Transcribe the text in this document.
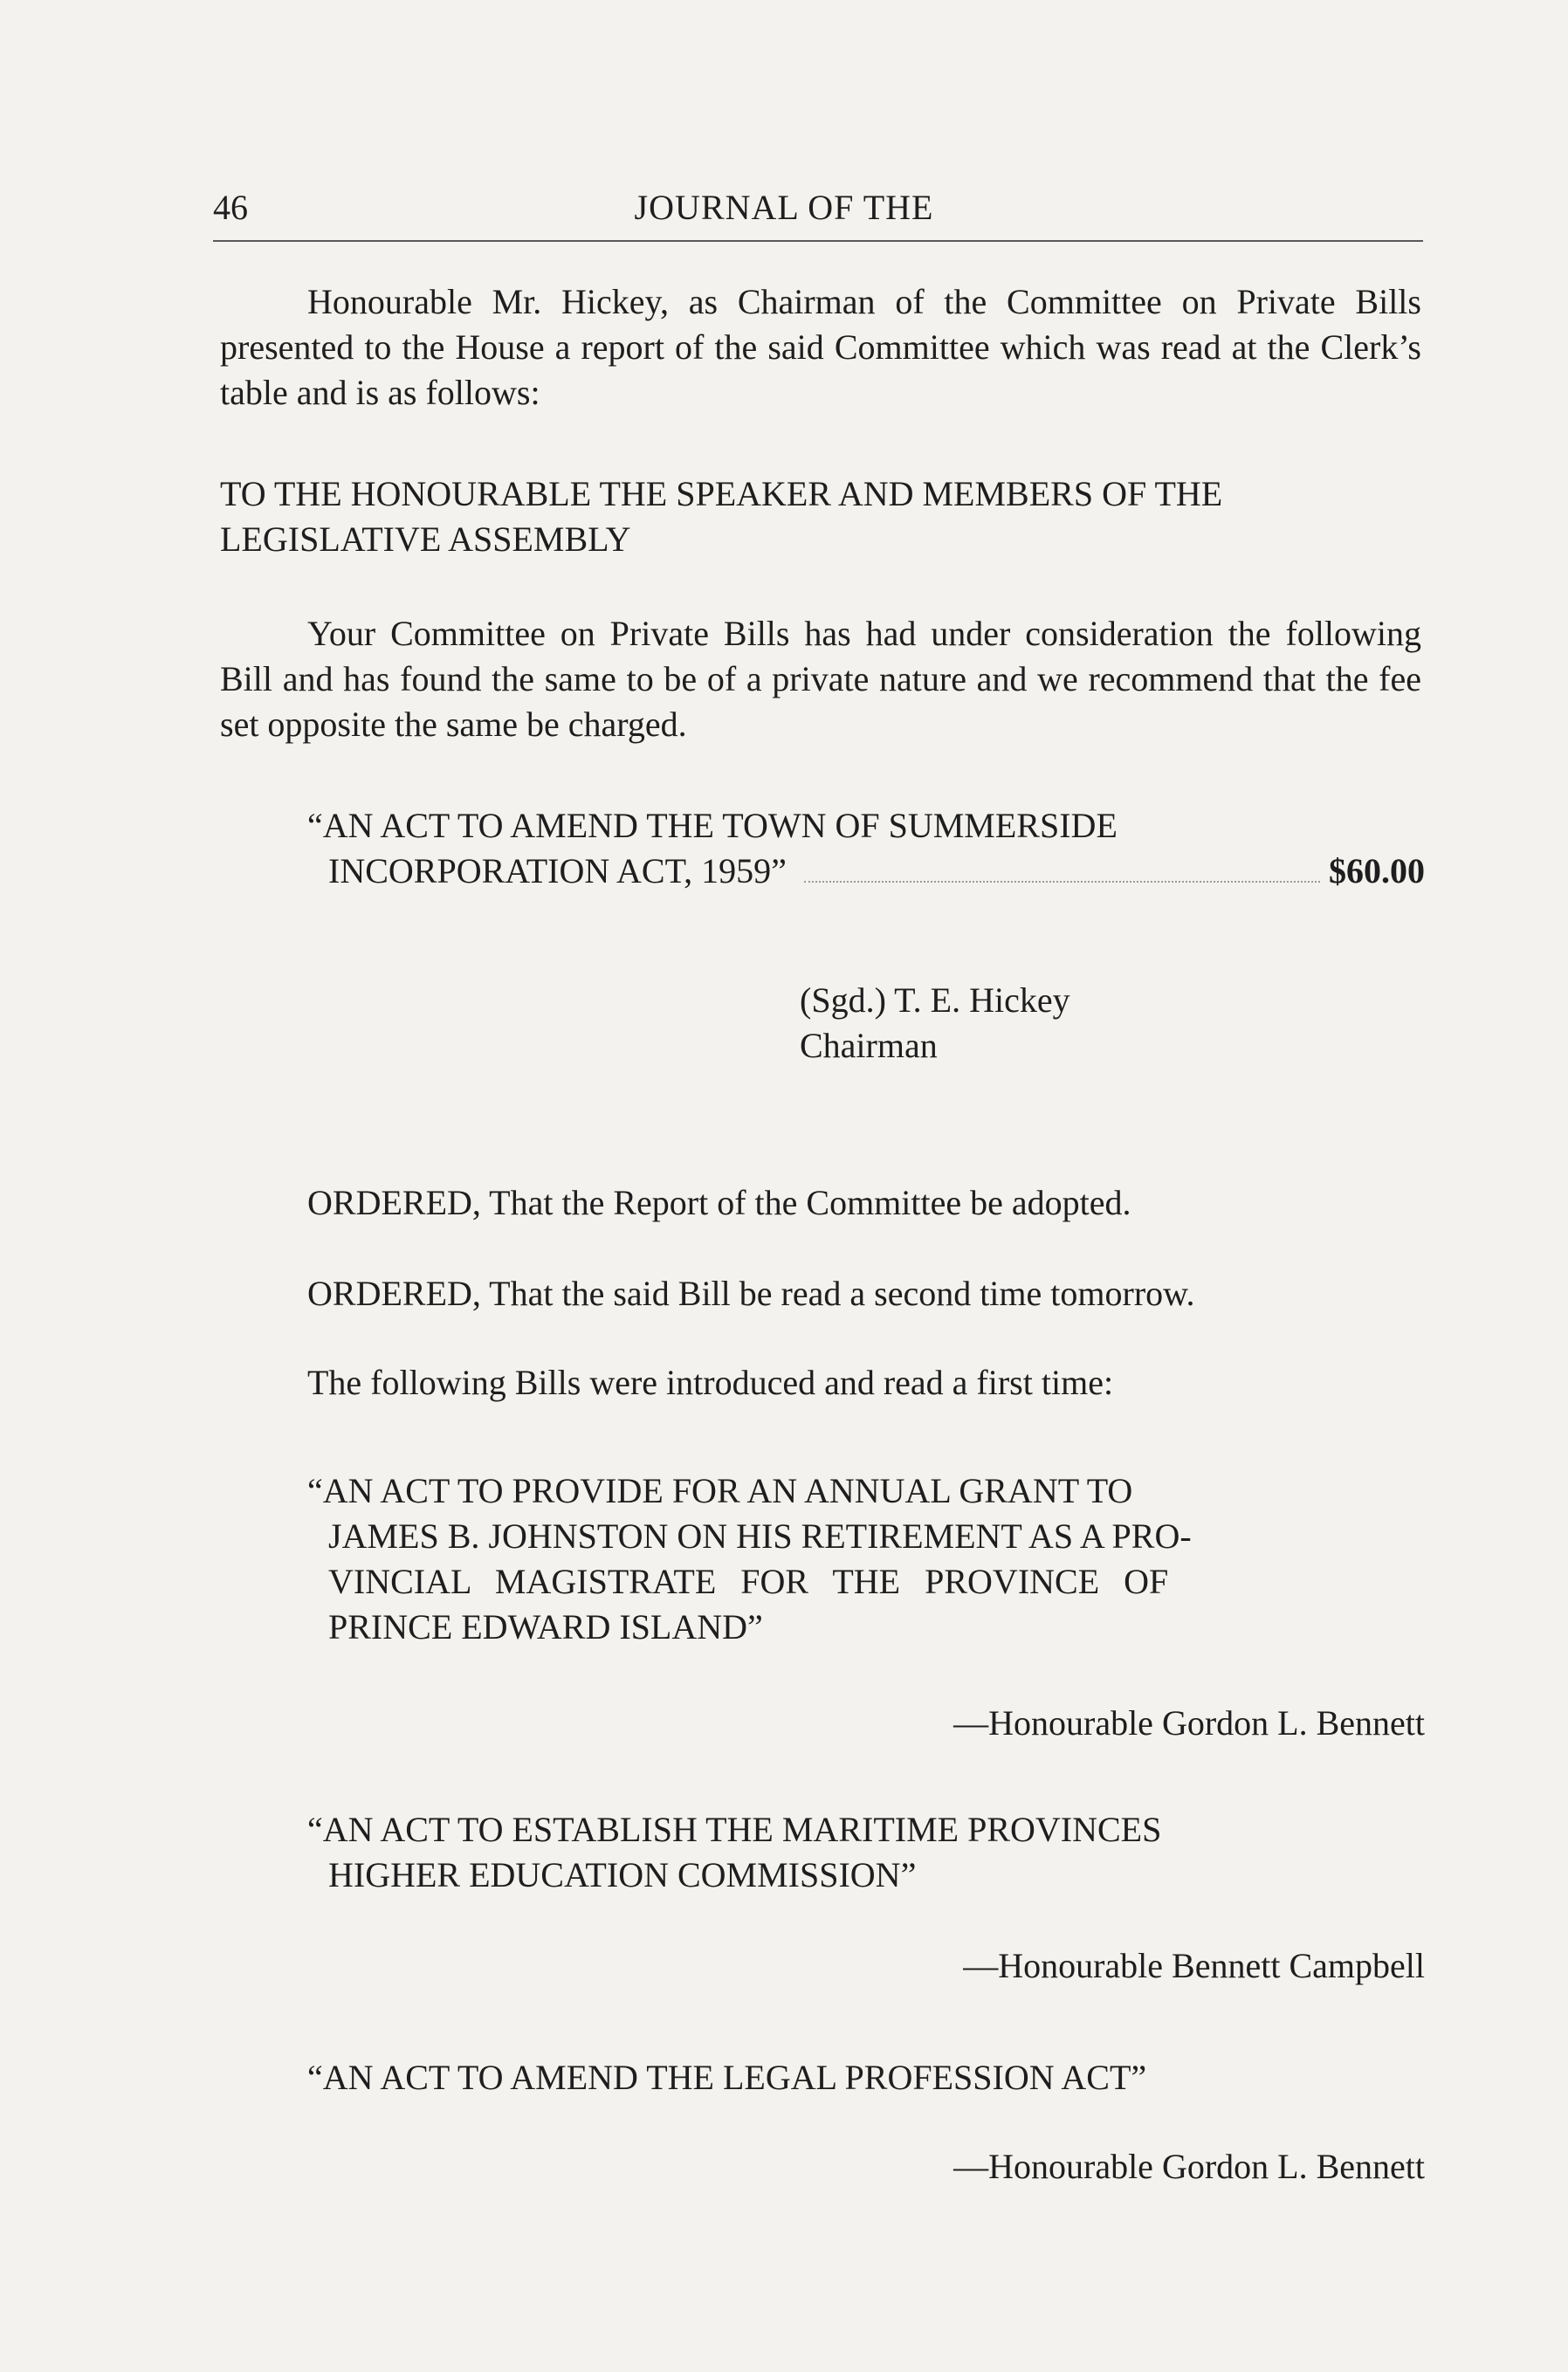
46	JOURNAL OF THE

Honourable Mr. Hickey, as Chairman of the Committee on Private Bills presented to the House a report of the said Committee which was read at the Clerk’s table and is as follows:

TO THE HONOURABLE THE SPEAKER AND MEMBERS OF THE LEGISLATIVE ASSEMBLY

Your Committee on Private Bills has had under consideration the following Bill and has found the same to be of a private nature and we recommend that the fee set opposite the same be charged.

“AN ACT TO AMEND THE TOWN OF SUMMERSIDE
INCORPORATION ACT, 1959”	$60.00
(Sgd.) T. E. Hickey
Chairman

ORDERED, That the Report of the Committee be adopted.

ORDERED, That the said Bill be read a second time tomorrow.

The following Bills were introduced and read a first time:

“AN ACT TO PROVIDE FOR AN ANNUAL GRANT TO
JAMES B. JOHNSTON ON HIS RETIREMENT AS A PRO-
VINCIAL MAGISTRATE FOR THE PROVINCE OF
PRINCE EDWARD ISLAND”

—Honourable Gordon L. Bennett

“AN ACT TO ESTABLISH THE MARITIME PROVINCES
HIGHER EDUCATION COMMISSION”

—Honourable Bennett Campbell

“AN ACT TO AMEND THE LEGAL PROFESSION ACT”

—Honourable Gordon L. Bennett
